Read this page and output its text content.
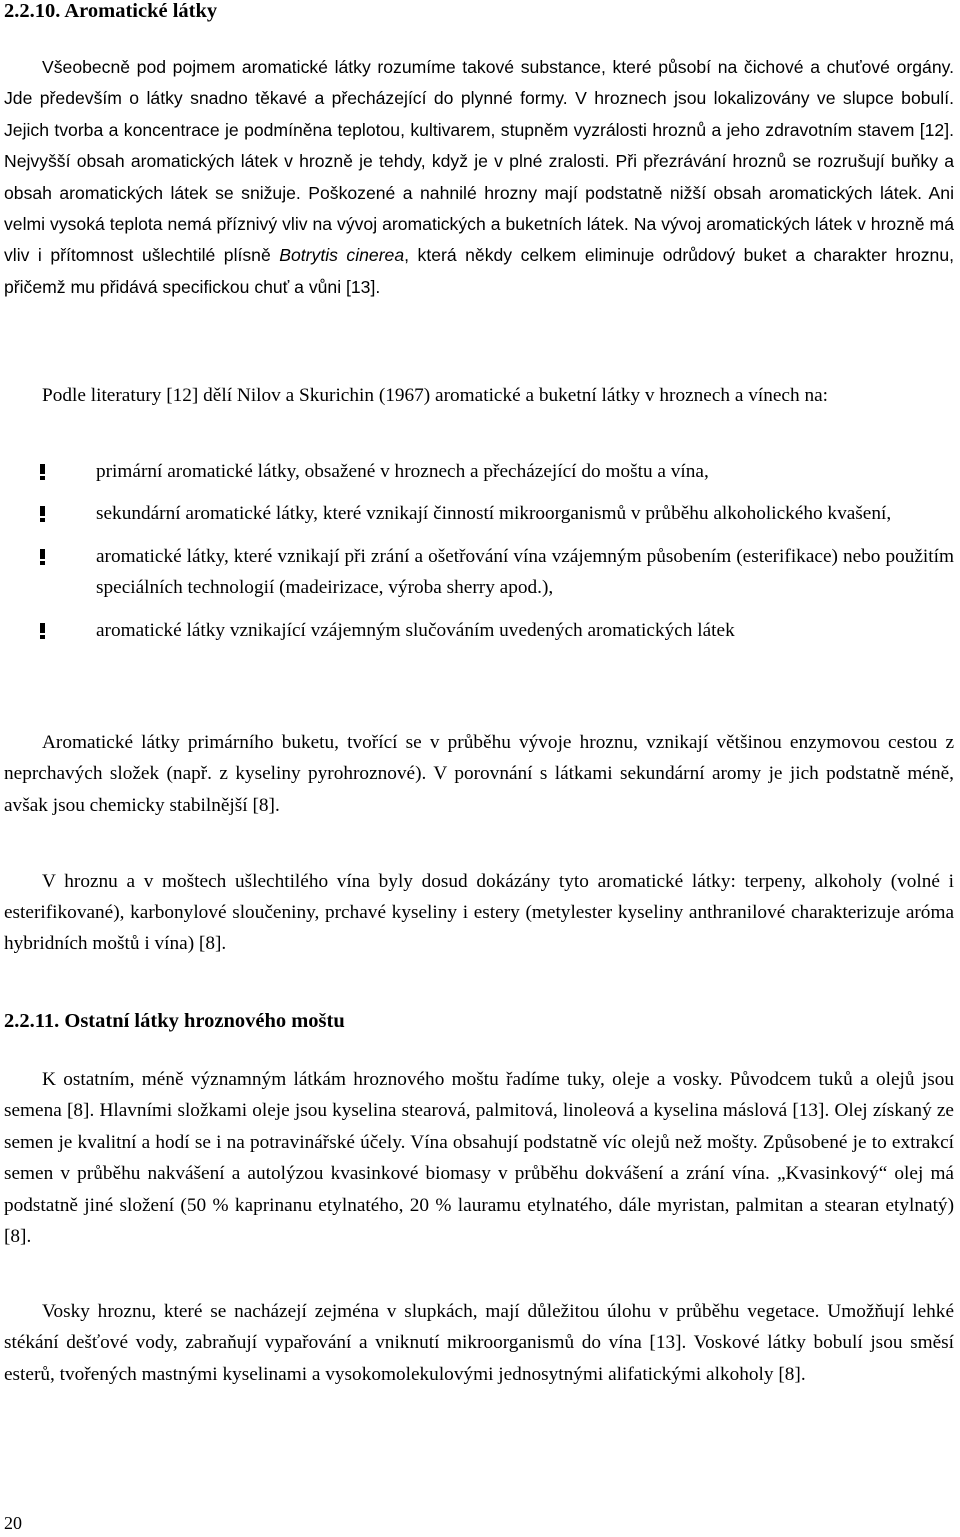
2.2.10. Aromatické látky

Všeobecně pod pojmem aromatické látky rozumíme takové substance, které působí na čichové a chuťové orgány. Jde především o látky snadno těkavé a přecházející do plynné formy. V hroznech jsou lokalizovány ve slupce bobulí. Jejich tvorba a koncentrace je podmíněna teplotou, kultivarem, stupněm vyzrálosti hroznů a jeho zdravotním stavem [12]. Nejvyšší obsah aromatických látek v hrozně je tehdy, když je v plné zralosti. Při přezrávání hroznů se rozrušují buňky a obsah aromatických látek se snižuje. Poškozené a nahnilé hrozny mají podstatně nižší obsah aromatických látek. Ani velmi vysoká teplota nemá příznivý vliv na vývoj aromatických a buketních látek. Na vývoj aromatických látek v hrozně má vliv i přítomnost ušlechtilé plísně Botrytis cinerea, která někdy celkem eliminuje odrůdový buket a charakter hroznu, přičemž mu přidává specifickou chuť a vůni [13].

Podle literatury [12] dělí Nilov a Skurichin (1967) aromatické a buketní látky v hroznech a vínech na:

primární aromatické látky, obsažené v hroznech a přecházející do moštu a vína,
sekundární aromatické látky, které vznikají činností mikroorganismů v průběhu alkoholického kvašení,
aromatické látky, které vznikají při zrání a ošetřování vína vzájemným působením (esterifikace) nebo použitím speciálních technologií (madeirizace, výroba sherry apod.),
aromatické látky vznikající vzájemným slučováním uvedených aromatických látek

Aromatické látky primárního buketu, tvořící se v průběhu vývoje hroznu, vznikají většinou enzymovou cestou z neprchavých složek (např. z kyseliny pyrohroznové). V porovnání s látkami sekundární aromy je jich podstatně méně, avšak jsou chemicky stabilnější [8].

V hroznu a v moštech ušlechtilého vína byly dosud dokázány tyto aromatické látky: terpeny, alkoholy (volné i esterifikované), karbonylové sloučeniny, prchavé kyseliny i estery (metylester kyseliny anthranilové charakterizuje aróma hybridních moštů i vína) [8].

2.2.11. Ostatní látky hroznového moštu

K ostatním, méně významným látkám hroznového moštu řadíme tuky, oleje a vosky. Původcem tuků a olejů jsou semena [8]. Hlavními složkami oleje jsou kyselina stearová, palmitová, linoleová a kyselina máslová [13]. Olej získaný ze semen je kvalitní a hodí se i na potravinářské účely. Vína obsahují podstatně víc olejů než mošty. Způsobené je to extrakcí semen v průběhu nakvášení a autolýzou kvasinkové biomasy v průběhu dokvášení a zrání vína. „Kvasinkový“ olej má podstatně jiné složení (50 % kaprinanu etylnatého, 20 % lauramu etylnatého, dále myristan, palmitan a stearan etylnatý) [8].

Vosky hroznu, které se nacházejí zejména v slupkách, mají důležitou úlohu v průběhu vegetace. Umožňují lehké stékání dešťové vody, zabraňují vypařování a vniknutí mikroorganismů do vína [13]. Voskové látky bobulí jsou směsí esterů, tvořených mastnými kyselinami a vysokomolekulovými jednosytnými alifatickými alkoholy [8].

20
